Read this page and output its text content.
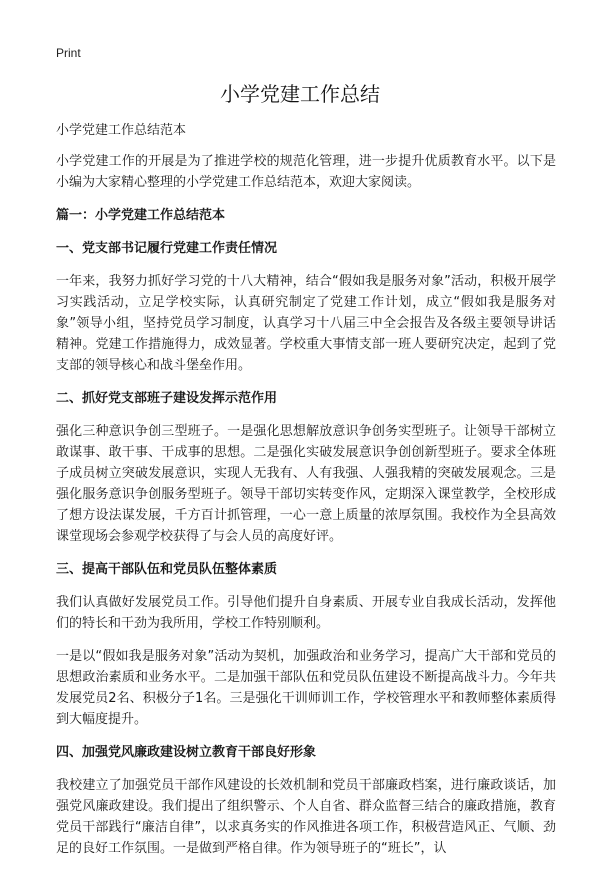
Print
小学党建工作总结

小学党建工作总结范本

小学党建工作的开展是为了推进学校的规范化管理，进一步提升优质教育水平。以下是小编为大家精心整理的小学党建工作总结范本，欢迎大家阅读。

篇一：小学党建工作总结范本

一、党支部书记履行党建工作责任情况

一年来，我努力抓好学习党的十八大精神，结合“假如我是服务对象”活动，积极开展学习实践活动，立足学校实际，认真研究制定了党建工作计划，成立“假如我是服务对象”领导小组，坚持党员学习制度，认真学习十八届三中全会报告及各级主要领导讲话精神。党建工作措施得力，成效显著。学校重大事情支部一班人要研究决定，起到了党支部的领导核心和战斗堡垒作用。

二、抓好党支部班子建设发挥示范作用

强化三种意识争创三型班子。一是强化思想解放意识争创务实型班子。让领导干部树立敢谋事、敢干事、干成事的思想。二是强化实破发展意识争创创新型班子。要求全体班子成员树立突破发展意识，实现人无我有、人有我强、人强我精的突破发展观念。三是强化服务意识争创服务型班子。领导干部切实转变作风，定期深入课堂教学，全校形成了想方设法谋发展，千方百计抓管理，一心一意上质量的浓厚氛围。我校作为全县高效课堂现场会参观学校获得了与会人员的高度好评。

三、提高干部队伍和党员队伍整体素质

我们认真做好发展党员工作。引导他们提升自身素质、开展专业自我成长活动，发挥他们的特长和干劲为我所用，学校工作特别顺利。

一是以“假如我是服务对象”活动为契机，加强政治和业务学习，提高广大干部和党员的思想政治素质和业务水平。二是加强干部队伍和党员队伍建设不断提高战斗力。今年共发展党员2名、积极分子1名。三是强化干训师训工作，学校管理水平和教师整体素质得到大幅度提升。

四、加强党风廉政建设树立教育干部良好形象

我校建立了加强党员干部作风建设的长效机制和党员干部廉政档案，进行廉政谈话，加强党风廉政建设。我们提出了组织警示、个人自省、群众监督三结合的廉政措施，教育党员干部践行“廉洁自律”，以求真务实的作风推进各项工作，积极营造风正、气顺、劲足的良好工作氛围。一是做到严格自律。作为领导班子的“班长”，认
